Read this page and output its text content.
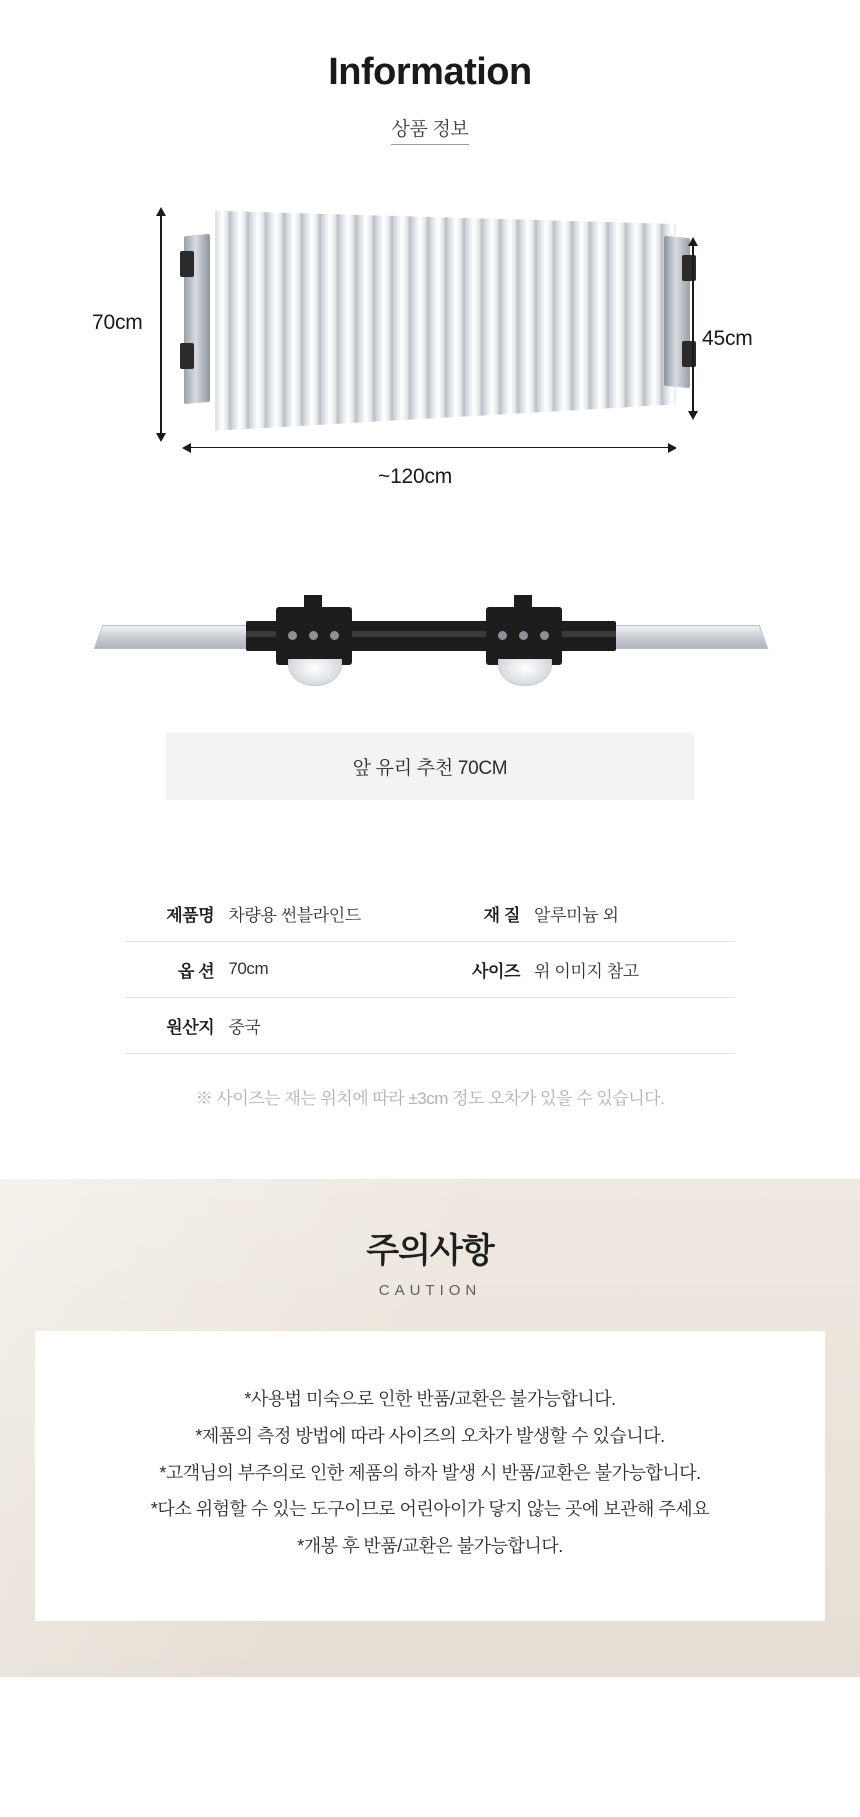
Information
상품 정보
70cm
45cm
~120cm
앞 유리 추천 70CM
제품명	차량용 썬블라인드	재 질	알루미늄 외
옵 션	70cm	사이즈	위 이미지 참고
원산지	중국		
※ 사이즈는 재는 위치에 따라 ±3cm 정도 오차가 있을 수 있습니다.
주의사항
CAUTION
*사용법 미숙으로 인한 반품/교환은 불가능합니다.
*제품의 측정 방법에 따라 사이즈의 오차가 발생할 수 있습니다.
*고객님의 부주의로 인한 제품의 하자 발생 시 반품/교환은 불가능합니다.
*다소 위험할 수 있는 도구이므로 어린아이가 닿지 않는 곳에 보관해 주세요
*개봉 후 반품/교환은 불가능합니다.
